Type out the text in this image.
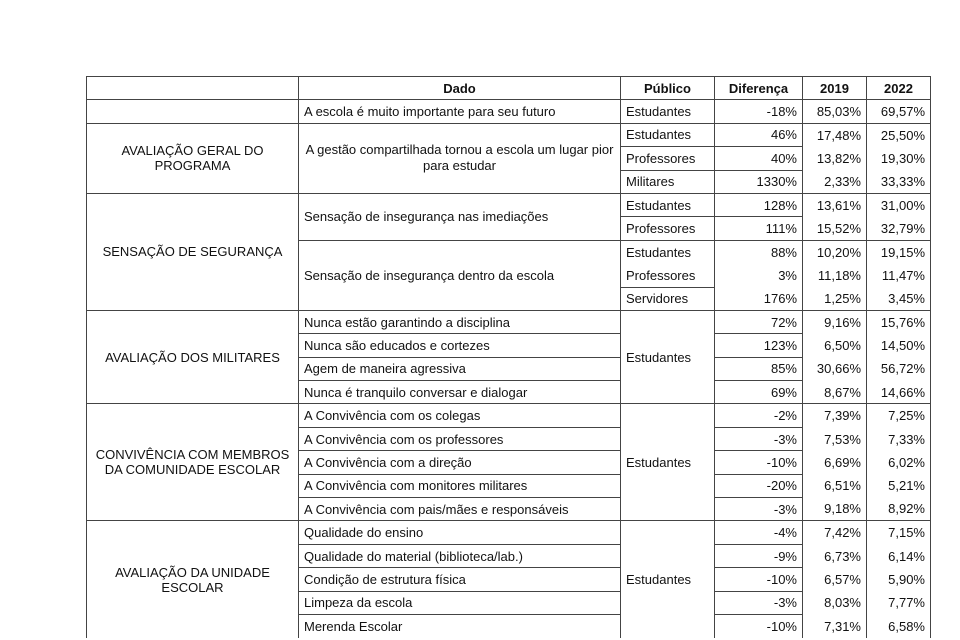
	Dado	Público	Diferença	2019	2022
	A escola é muito importante para seu futuro	Estudantes	-18%	85,03%	69,57%
AVALIAÇÃO GERAL DO PROGRAMA	A gestão compartilhada tornou a escola um lugar pior para estudar	Estudantes	46%	17,48%	25,50%
		Professores	40%	13,82%	19,30%
		Militares	1330%	2,33%	33,33%
SENSAÇÃO DE SEGURANÇA	Sensação de insegurança nas imediações	Estudantes	128%	13,61%	31,00%
		Professores	111%	15,52%	32,79%
	Sensação de insegurança dentro da escola	Estudantes	88%	10,20%	19,15%
		Professores	3%	11,18%	11,47%
		Servidores	176%	1,25%	3,45%
AVALIAÇÃO DOS MILITARES	Nunca estão garantindo a disciplina	Estudantes	72%	9,16%	15,76%
	Nunca são educados e cortezes		123%	6,50%	14,50%
	Agem de maneira agressiva		85%	30,66%	56,72%
	Nunca é tranquilo conversar e dialogar		69%	8,67%	14,66%
CONVIVÊNCIA COM MEMBROS DA COMUNIDADE ESCOLAR	A Convivência com os colegas	Estudantes	-2%	7,39%	7,25%
	A Convivência com os professores		-3%	7,53%	7,33%
	A Convivência com a direção		-10%	6,69%	6,02%
	A Convivência com monitores militares		-20%	6,51%	5,21%
	A Convivência com pais/mães e responsáveis		-3%	9,18%	8,92%
AVALIAÇÃO DA UNIDADE ESCOLAR	Qualidade do ensino	Estudantes	-4%	7,42%	7,15%
	Qualidade do material (biblioteca/lab.)		-9%	6,73%	6,14%
	Condição de estrutura física		-10%	6,57%	5,90%
	Limpeza da escola		-3%	8,03%	7,77%
	Merenda Escolar		-10%	7,31%	6,58%
